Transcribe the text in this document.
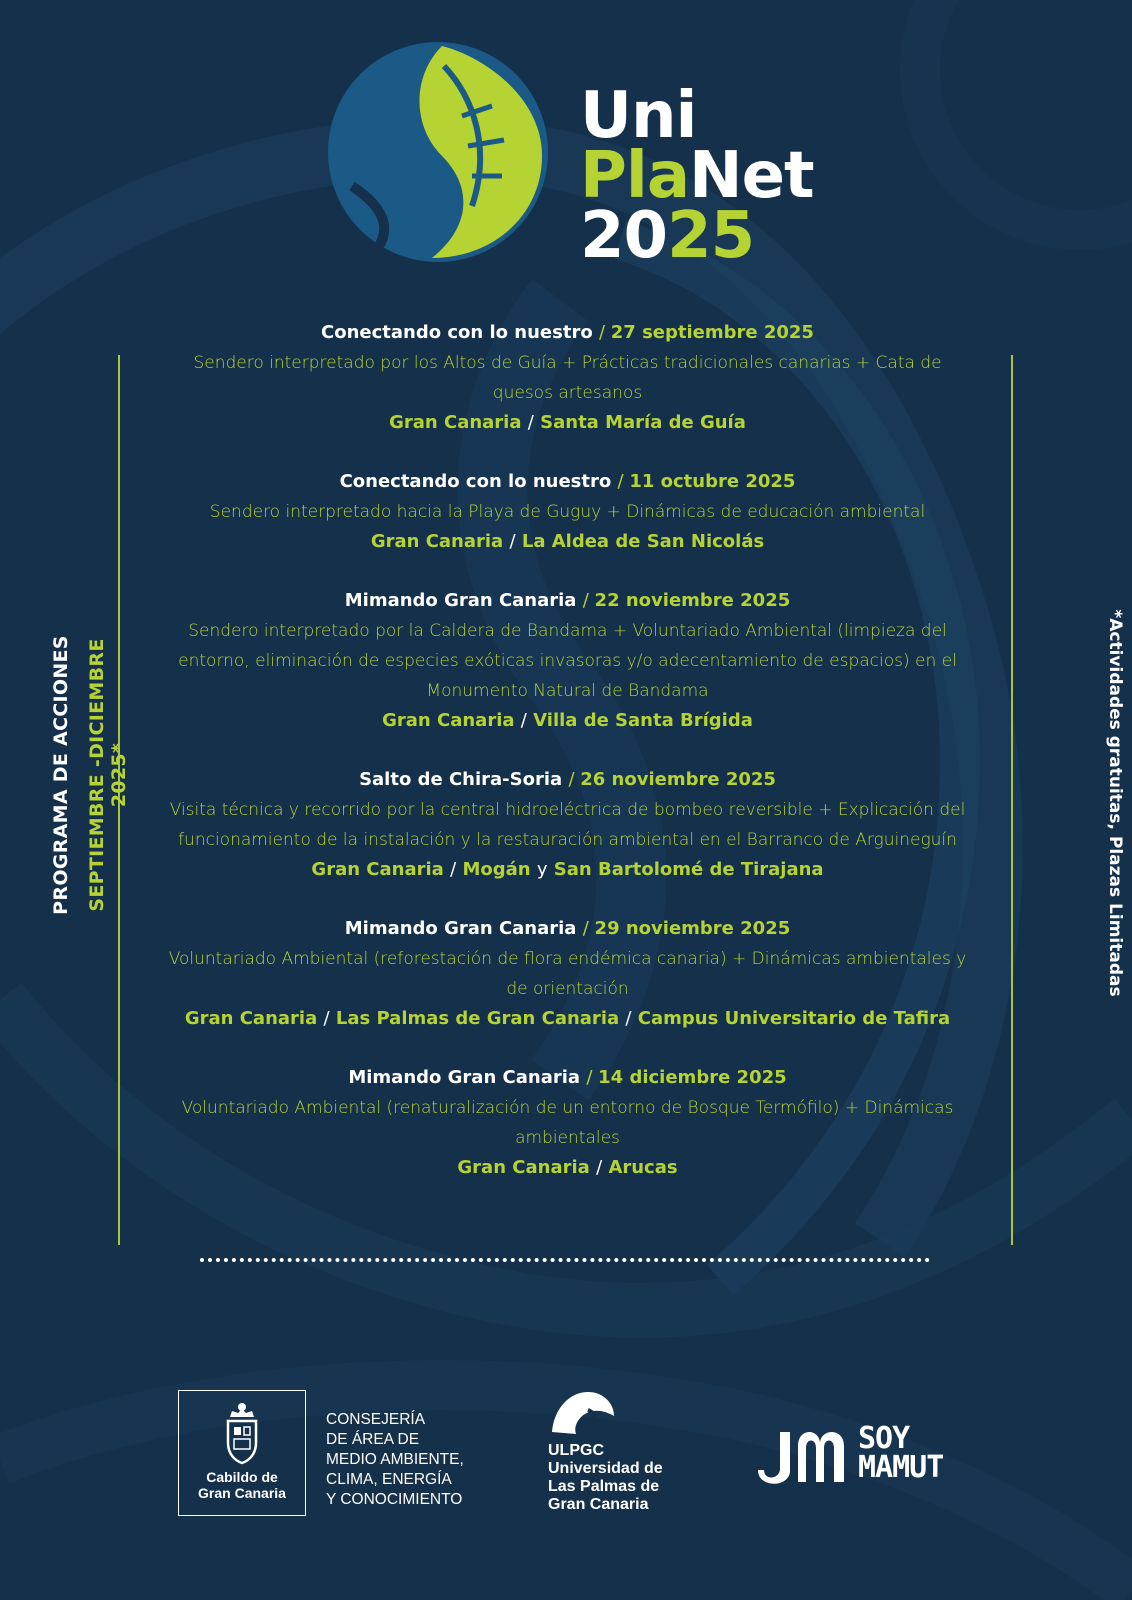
Uni
PlaNet
2025
PROGRAMA DE ACCIONES SEPTIEMBRE -DICIEMBRE 2025*	*Actividades gratuitas, Plazas Limitadas
Conectando con lo nuestro / 27 septiembre 2025
Sendero interpretado por los Altos de Guía + Prácticas tradicionales canarias + Cata de quesos artesanos
Gran Canaria / Santa María de Guía
Conectando con lo nuestro / 11 octubre 2025
Sendero interpretado hacia la Playa de Guguy + Dinámicas de educación ambiental
Gran Canaria / La Aldea de San Nicolás
Mimando Gran Canaria / 22 noviembre 2025
Sendero interpretado por la Caldera de Bandama + Voluntariado Ambiental (limpieza del entorno, eliminación de especies exóticas invasoras y/o adecentamiento de espacios) en el Monumento Natural de Bandama
Gran Canaria / Villa de Santa Brígida
Salto de Chira-Soria / 26 noviembre 2025
Visita técnica y recorrido por la central hidroeléctrica de bombeo reversible + Explicación del funcionamiento de la instalación y la restauración ambiental en el Barranco de Arguineguín
Gran Canaria / Mogán y San Bartolomé de Tirajana
Mimando Gran Canaria / 29 noviembre 2025
Voluntariado Ambiental (reforestación de flora endémica canaria) + Dinámicas ambientales y de orientación
Gran Canaria / Las Palmas de Gran Canaria / Campus Universitario de Tafira
Mimando Gran Canaria / 14 diciembre 2025
Voluntariado Ambiental (renaturalización de un entorno de Bosque Termófilo) + Dinámicas ambientales
Gran Canaria / Arucas
Cabildo de
Gran Canaria
CONSEJERÍA
DE ÁREA DE
MEDIO AMBIENTE,
CLIMA, ENERGÍA
Y CONOCIMIENTO
ULPGC
Universidad de
Las Palmas de
Gran Canaria
SOY
MAMUT
